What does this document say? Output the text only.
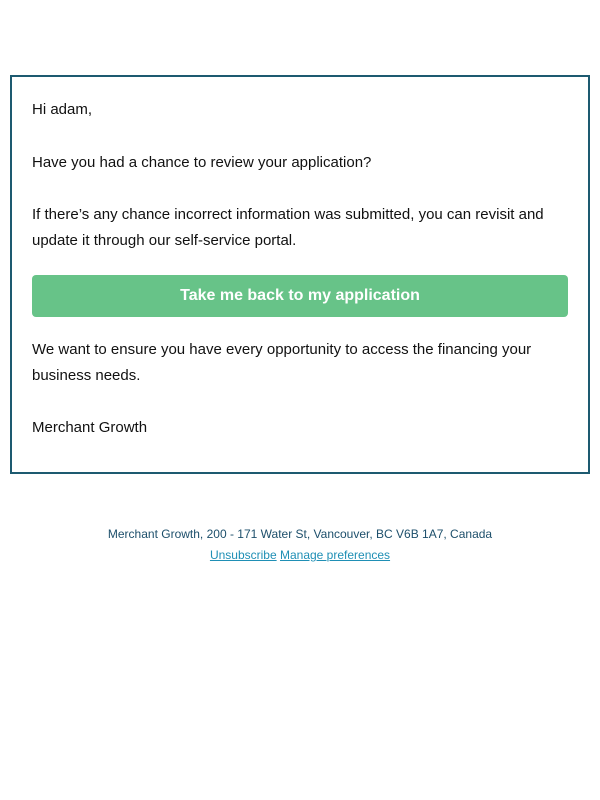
Hi adam,

Have you had a chance to review your application?

If there’s any chance incorrect information was submitted, you can revisit and update it through our self-service portal.

Take me back to my application

We want to ensure you have every opportunity to access the financing your business needs.

Merchant Growth

Merchant Growth, 200 - 171 Water St, Vancouver, BC V6B 1A7, Canada
Unsubscribe Manage preferences
